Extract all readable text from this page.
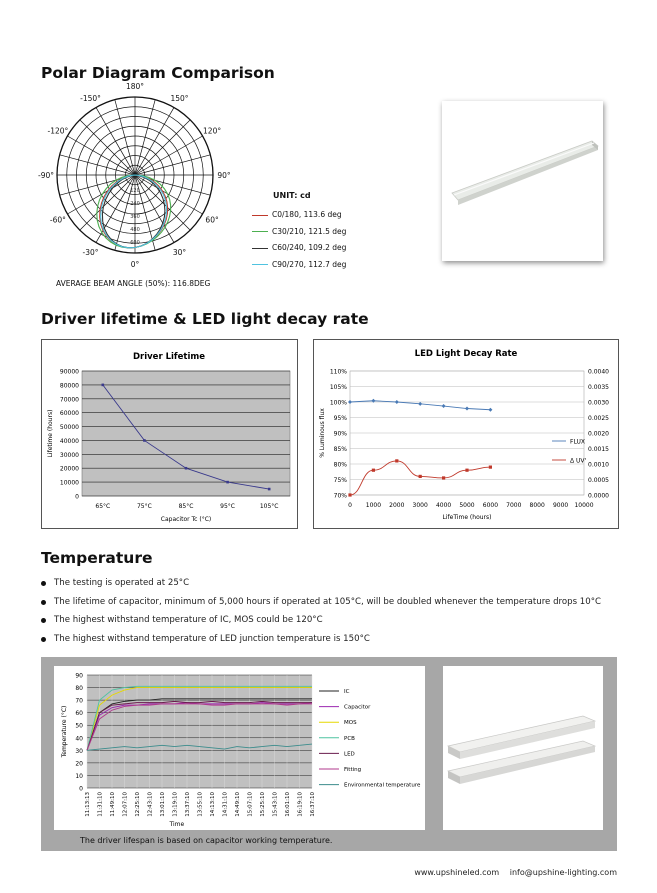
Polar Diagram Comparison
180°
150°
-150°
120°
-120°
90°
-90°
60°
-60°
30°
-30°
0°
0
120
240
360
480
600
UNIT: cd
C0/180, 113.6 deg
C30/210, 121.5 deg
C60/240, 109.2 deg
C90/270, 112.7 deg
AVERAGE BEAM ANGLE (50%): 116.8DEG
Driver lifetime & LED light decay rate
Driver Lifetime
0
10000
20000
30000
40000
50000
60000
70000
80000
90000
65°C	75°C	85°C	95°C	105°C
Capacitor Tc (°C)
Lifetime (hours)
LED Light Decay Rate
70%
75%
80%
85%
90%
95%
100%
105%
110%
0.0000
0.0005
0.0010
0.0015
0.0020
0.0025
0.0030
0.0035
0.0040
0 1000 2000 3000 4000 5000 6000 7000 8000 9000 10000
LifeTime (hours)
% Luminous flux	FLUX
Δ UV'
Temperature
The testing is operated at 25°C
The lifetime of capacitor, minimum of 5,000 hours if operated at 105°C, will be doubled whenever the temperature drops 10°C
The highest withstand temperature of IC, MOS could be 120°C
The highest withstand temperature of LED junction temperature is 150°C
0
10
20
30
40
50
60
70
80
90
11:13:13 11:31:10 11:49:10 12:07:10 12:25:10 12:43:10 13:01:10 13:19:10 13:37:10 13:55:10 14:13:10 14:31:10 14:49:10 15:07:10 15:25:10 15:43:10 16:01:10 16:19:10 16:37:10
Time
Temperature (°C)
IC
Capacitor
MOS
PCB
LED
Fitting
Environmental temperature
The driver lifespan is based on capacitor working temperature.
www.upshineled.com info@upshine-lighting.com
